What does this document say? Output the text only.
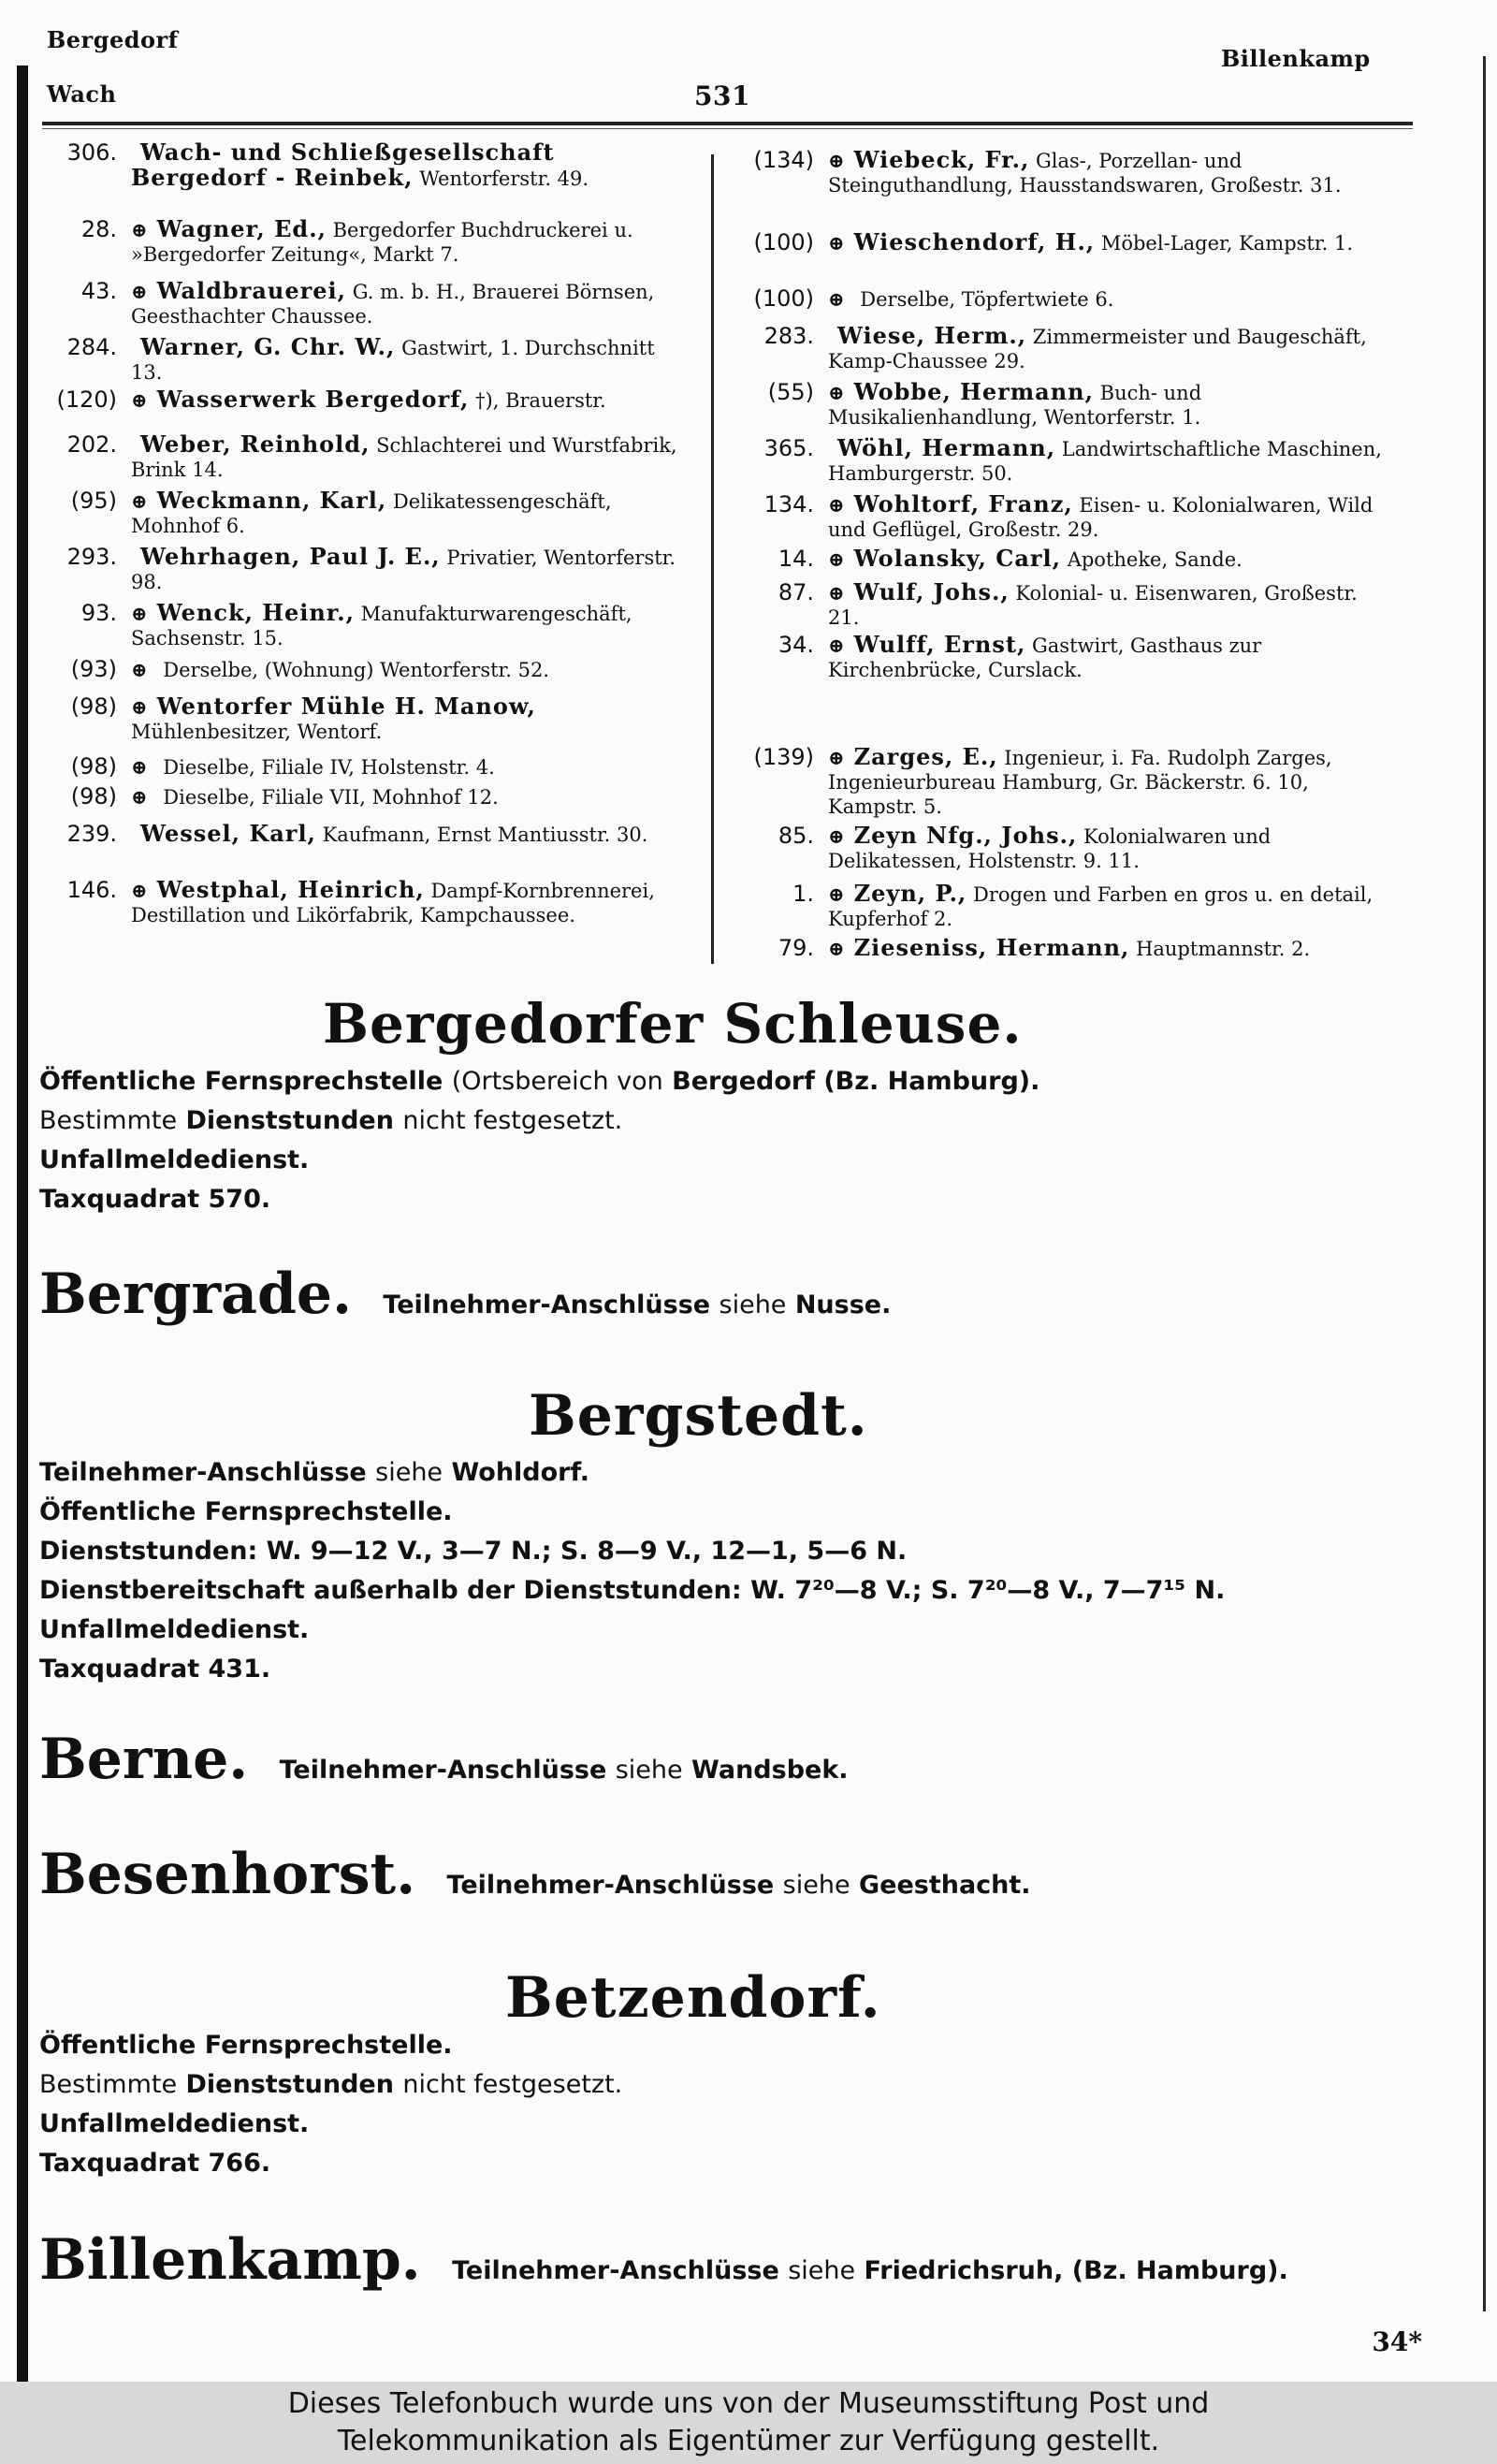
Bergedorf
Wach	531
Billenkamp
306.	Wach- und Schließgesellschaft Bergedorf - Reinbek, Wentorferstr. 49.
28. ⊕ Wagner, Ed., Bergedorfer Buchdruckerei u. »Bergedorfer Zeitung«, Markt 7.
43. ⊕ Waldbrauerei, G. m. b. H., Brauerei Börnsen, Geesthachter Chaussee.
284.	Warner, G. Chr. W., Gastwirt, 1. Durchschnitt 13.
(120) ⊕ Wasserwerk Bergedorf, †), Brauerstr.
202.	Weber, Reinhold, Schlachterei und Wurstfabrik, Brink 14.
(95) ⊕ Weckmann, Karl, Delikatessengeschäft, Mohnhof 6.
293.	Wehrhagen, Paul J. E., Privatier, Wentorferstr. 98.
93. ⊕ Wenck, Heinr., Manufakturwarengeschäft, Sachsenstr. 15.
(93) ⊕ Derselbe, (Wohnung) Wentorferstr. 52.
(98) ⊕ Wentorfer Mühle H. Manow, Mühlenbesitzer, Wentorf.
(98) ⊕ Dieselbe, Filiale IV, Holstenstr. 4.
(98) ⊕ Dieselbe, Filiale VII, Mohnhof 12.
239.	Wessel, Karl, Kaufmann, Ernst Mantiusstr. 30.
146. ⊕ Westphal, Heinrich, Dampf-Kornbrennerei, Destillation und Likörfabrik, Kampchaussee.
(134) ⊕ Wiebeck, Fr., Glas-, Porzellan- und Steinguthandlung, Hausstandswaren, Großestr. 31.
(100) ⊕ Wieschendorf, H., Möbel-Lager, Kampstr. 1.
(100) ⊕ Derselbe, Töpfertwiete 6.
283.	Wiese, Herm., Zimmermeister und Baugeschäft, Kamp-Chaussee 29.
(55) ⊕ Wobbe, Hermann, Buch- und Musikalienhandlung, Wentorferstr. 1.
365.	Wöhl, Hermann, Landwirtschaftliche Maschinen, Hamburgerstr. 50.
134. ⊕ Wohltorf, Franz, Eisen- u. Kolonialwaren, Wild und Geflügel, Großestr. 29.
14. ⊕ Wolansky, Carl, Apotheke, Sande.
87. ⊕ Wulf, Johs., Kolonial- u. Eisenwaren, Großestr. 21.
34. ⊕ Wulff, Ernst, Gastwirt, Gasthaus zur Kirchenbrücke, Curslack.
(139) ⊕ Zarges, E., Ingenieur, i. Fa. Rudolph Zarges, Ingenieurbureau Hamburg, Gr. Bäckerstr. 6. 10, Kampstr. 5.
85. ⊕ Zeyn Nfg., Johs., Kolonialwaren und Delikatessen, Holstenstr. 9. 11.
1. ⊕ Zeyn, P., Drogen und Farben en gros u. en detail, Kupferhof 2.
79. ⊕ Zieseniss, Hermann, Hauptmannstr. 2.
Bergedorfer Schleuse.
Öffentliche Fernsprechstelle (Ortsbereich von Bergedorf (Bz. Hamburg).
Bestimmte Dienststunden nicht festgesetzt.
Unfallmeldedienst.
Taxquadrat 570.
Bergrade. Teilnehmer-Anschlüsse siehe Nusse.
Bergstedt.
Teilnehmer-Anschlüsse siehe Wohldorf.
Öffentliche Fernsprechstelle.
Dienststunden: W. 9—12 V., 3—7 N.; S. 8—9 V., 12—1, 5—6 N.
Dienstbereitschaft außerhalb der Dienststunden: W. 7²⁰—8 V.; S. 7²⁰—8 V., 7—7¹⁵ N.
Unfallmeldedienst.
Taxquadrat 431.
Berne. Teilnehmer-Anschlüsse siehe Wandsbek.
Besenhorst. Teilnehmer-Anschlüsse siehe Geesthacht.
Betzendorf.
Öffentliche Fernsprechstelle.
Bestimmte Dienststunden nicht festgesetzt.
Unfallmeldedienst.
Taxquadrat 766.
Billenkamp. Teilnehmer-Anschlüsse siehe Friedrichsruh, (Bz. Hamburg).
34*
Dieses Telefonbuch wurde uns von der Museumsstiftung Post und
Telekommunikation als Eigentümer zur Verfügung gestellt.
